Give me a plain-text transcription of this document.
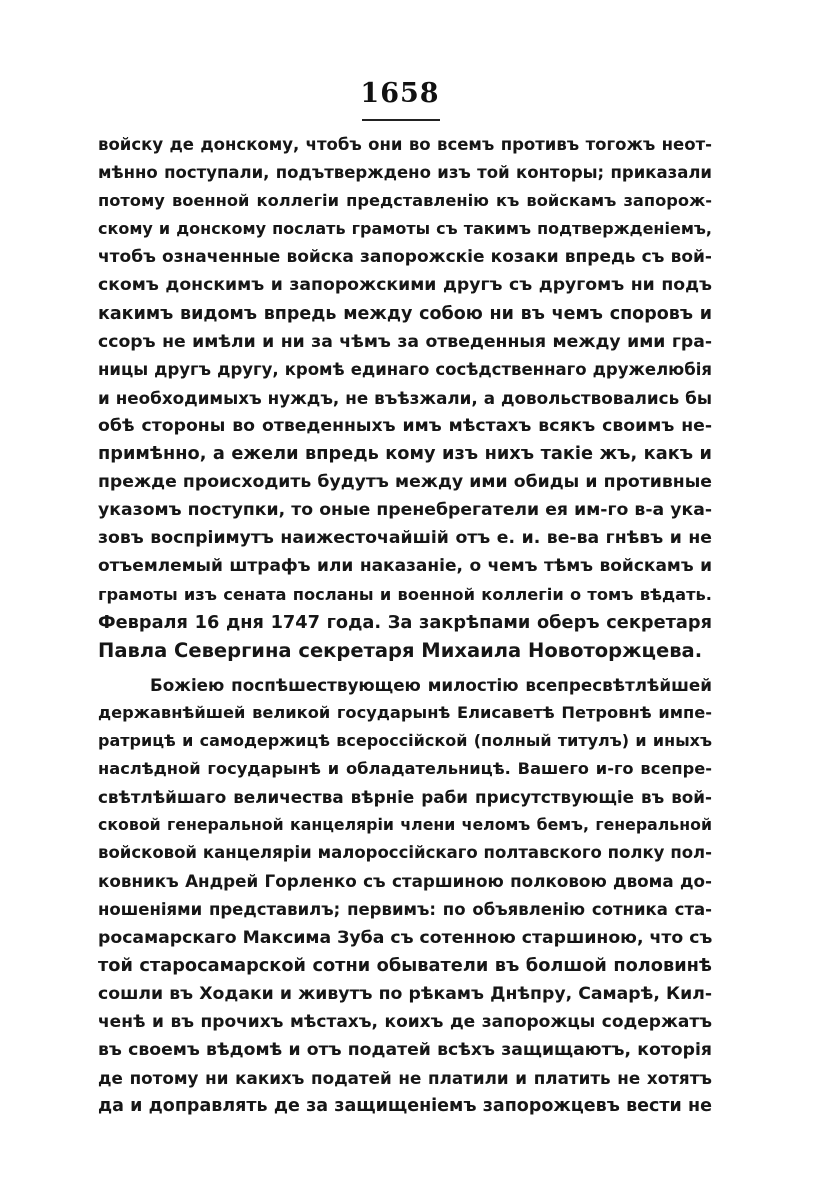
1658
войску де донскому, чтобъ они во всемъ противъ тогожъ неот-
мѣнно поступали, подътверждено изъ той конторы; приказали
потому военной коллегіи представленію къ войскамъ запорож-
скому и донскому послать грамоты съ такимъ подтвержденіемъ,
чтобъ означенные войска запорожскіе козаки впредь съ вой-
скомъ донскимъ и запорожскими другъ съ другомъ ни подъ
какимъ видомъ впредь между собою ни въ чемъ споровъ и
ссоръ не имѣли и ни за чѣмъ за отведенныя между ими гра-
ницы другъ другу, кромѣ единаго сосѣдственнаго дружелюбія
и необходимыхъ нуждъ, не въѣзжали, а довольствовались бы
обѣ стороны во отведенныхъ имъ мѣстахъ всякъ своимъ не-
примѣнно, а ежели впредь кому изъ нихъ такіе жъ, какъ и
прежде происходить будутъ между ими обиды и противные
указомъ поступки, то оные пренебрегатели ея им-го в-а ука-
зовъ воспріимутъ наижесточайшій отъ е. и. ве-ва гнѣвъ и не
отъемлемый штрафъ или наказаніе, о чемъ тѣмъ войскамъ и
грамоты изъ сената посланы и военной коллегіи о томъ вѣдать.
Февраля 16 дня 1747 года. За закрѣпами оберъ секретаря
Павла Севергина секретаря Михаила Новоторжцева.
Божіею поспѣшествующею милостію всепресвѣтлѣйшей
державнѣйшей великой государынѣ Елисаветѣ Петровнѣ импе-
ратрицѣ и самодержицѣ всероссійской (полный титулъ) и иныхъ
наслѣдной государынѣ и обладательницѣ. Вашего и-го всепре-
свѣтлѣйшаго величества вѣрніе раби присутствующіе въ вой-
сковой генеральной канцеляріи члени челомъ бемъ, генеральной
войсковой канцеляріи малороссійскаго полтавского полку пол-
ковникъ Андрей Горленко съ старшиною полковою двома до-
ношеніями представилъ; первимъ: по объявленію сотника ста-
росамарскаго Максима Зуба съ сотенною старшиною, что съ
той старосамарской сотни обыватели въ болшой половинѣ
сошли въ Ходаки и живутъ по рѣкамъ Днѣпру, Самарѣ, Кил-
ченѣ и въ прочихъ мѣстахъ, коихъ де запорожцы содержатъ
въ своемъ вѣдомѣ и отъ податей всѣхъ защищаютъ, которія
де потому ни какихъ податей не платили и платить не хотятъ
да и доправлять де за защищеніемъ запорожцевъ вести не
